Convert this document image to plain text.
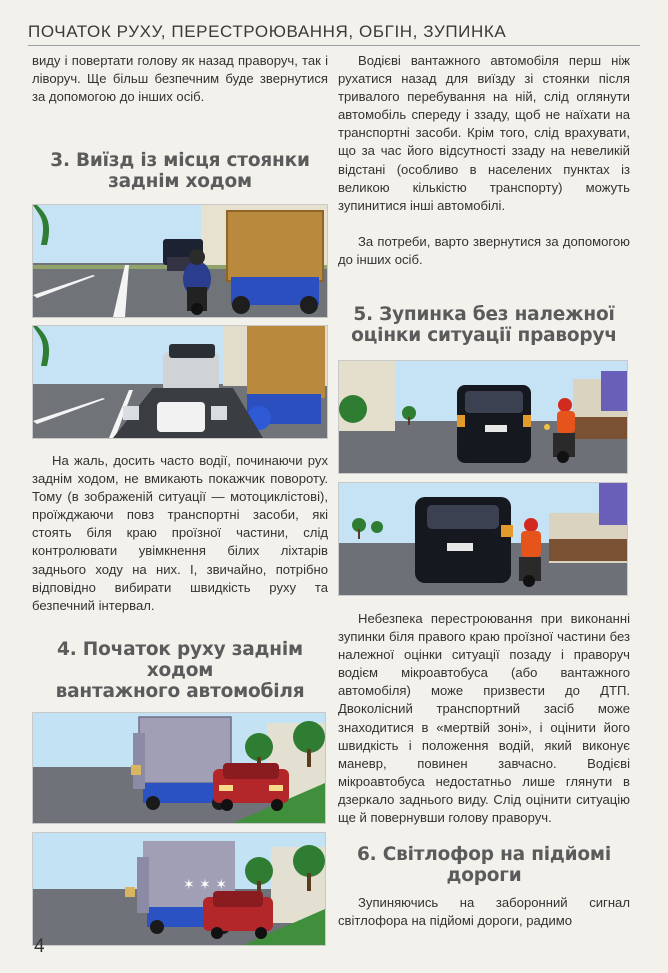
ПОЧАТОК РУХУ, ПЕРЕСТРОЮВАННЯ, ОБГІН, ЗУПИНКА

виду і повертати голову як назад праворуч, так і ліворуч. Ще більш безпечним буде звернутися за допомогою до інших осіб.

3. Виїзд із місця стоянки
заднім ходом

На жаль, досить часто водії, починаючи рух заднім ходом, не вмикають покажчик повороту. Тому (в зображеній ситуації — мотоциклістові), проїжджаючи повз транспортні засоби, які стоять біля краю проїзної частини, слід контролювати увімкнення білих ліхтарів заднього ходу на них. І, звичайно, потрібно відповідно вибирати швидкість руху та безпечний інтервал.

4. Початок руху заднім ходом
вантажного автомобіля
✶ ✶ ✶

Водієві вантажного автомобіля перш ніж рухатися назад для виїзду зі стоянки після тривалого перебування на ній, слід оглянути автомобіль спереду і ззаду, щоб не наїхати на транспортні засоби. Крім того, слід врахувати, що за час його відсутності ззаду на невеликій відстані (особливо в населених пунктах із великою кількістю транспорту) можуть зупинитися інші автомобілі.

За потреби, варто звернутися за допомогою до інших осіб.

5. Зупинка без належної
оцінки ситуації праворуч

Небезпека перестроювання при виконанні зупинки біля правого краю проїзної частини без належної оцінки ситуації позаду і праворуч водієм мікроавтобуса (або вантажного автомобіля) може призвести до ДТП. Двоколісний транспортний засіб може знаходитися в «мертвій зоні», і оцінити його швидкість і положення водій, який виконує маневр, повинен завчасно. Водієві мікроавтобуса недостатньо лише глянути в дзеркало заднього виду. Слід оцінити ситуацію ще й повернувши голову праворуч.

6. Світлофор на підйомі
дороги

Зупиняючись на заборонний сигнал світлофора на підйомі дороги, радимо

4
